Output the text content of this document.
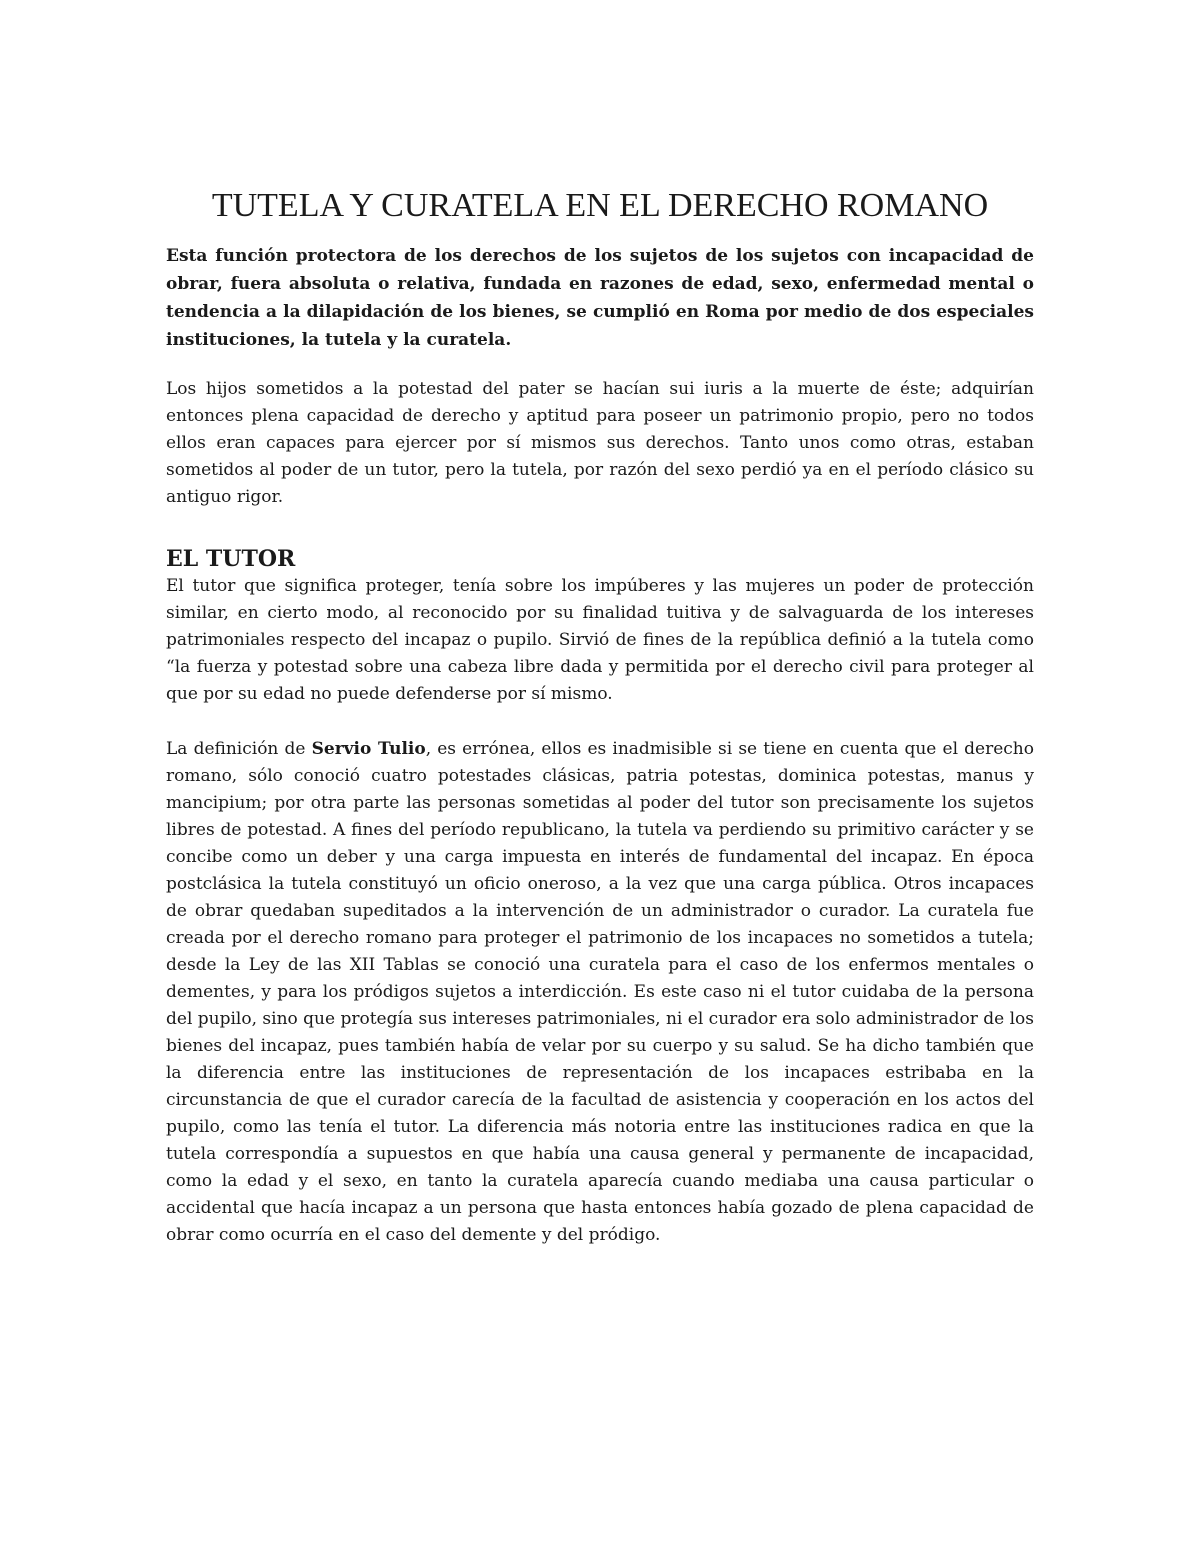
TUTELA Y CURATELA EN EL DERECHO ROMANO

Esta función protectora de los derechos de los sujetos de los sujetos con incapacidad de obrar, fuera absoluta o relativa, fundada en razones de edad, sexo, enfermedad mental o tendencia a la dilapidación de los bienes, se cumplió en Roma por medio de dos especiales instituciones, la tutela y la curatela.

Los hijos sometidos a la potestad del pater se hacían sui iuris a la muerte de éste; adquirían entonces plena capacidad de derecho y aptitud para poseer un patrimonio propio, pero no todos ellos eran capaces para ejercer por sí mismos sus derechos. Tanto unos como otras, estaban sometidos al poder de un tutor, pero la tutela, por razón del sexo perdió ya en el período clásico su antiguo rigor.

EL TUTOR

El tutor que significa proteger, tenía sobre los impúberes y las mujeres un poder de protección similar, en cierto modo, al reconocido por su finalidad tuitiva y de salvaguarda de los intereses patrimoniales respecto del incapaz o pupilo. Sirvió de fines de la república definió a la tutela como “la fuerza y potestad sobre una cabeza libre dada y permitida por el derecho civil para proteger al que por su edad no puede defenderse por sí mismo.

La definición de Servio Tulio, es errónea, ellos es inadmisible si se tiene en cuenta que el derecho romano, sólo conoció cuatro potestades clásicas, patria potestas, dominica potestas, manus y mancipium; por otra parte las personas sometidas al poder del tutor son precisamente los sujetos libres de potestad. A fines del período republicano, la tutela va perdiendo su primitivo carácter y se concibe como un deber y una carga impuesta en interés de fundamental del incapaz. En época postclásica la tutela constituyó un oficio oneroso, a la vez que una carga pública. Otros incapaces de obrar quedaban supeditados a la intervención de un administrador o curador. La curatela fue creada por el derecho romano para proteger el patrimonio de los incapaces no sometidos a tutela; desde la Ley de las XII Tablas se conoció una curatela para el caso de los enfermos mentales o dementes, y para los pródigos sujetos a interdicción. Es este caso ni el tutor cuidaba de la persona del pupilo, sino que protegía sus intereses patrimoniales, ni el curador era solo administrador de los bienes del incapaz, pues también había de velar por su cuerpo y su salud. Se ha dicho también que la diferencia entre las instituciones de representación de los incapaces estribaba en la circunstancia de que el curador carecía de la facultad de asistencia y cooperación en los actos del pupilo, como las tenía el tutor. La diferencia más notoria entre las instituciones radica en que la tutela correspondía a supuestos en que había una causa general y permanente de incapacidad, como la edad y el sexo, en tanto la curatela aparecía cuando mediaba una causa particular o accidental que hacía incapaz a un persona que hasta entonces había gozado de plena capacidad de obrar como ocurría en el caso del demente y del pródigo.
